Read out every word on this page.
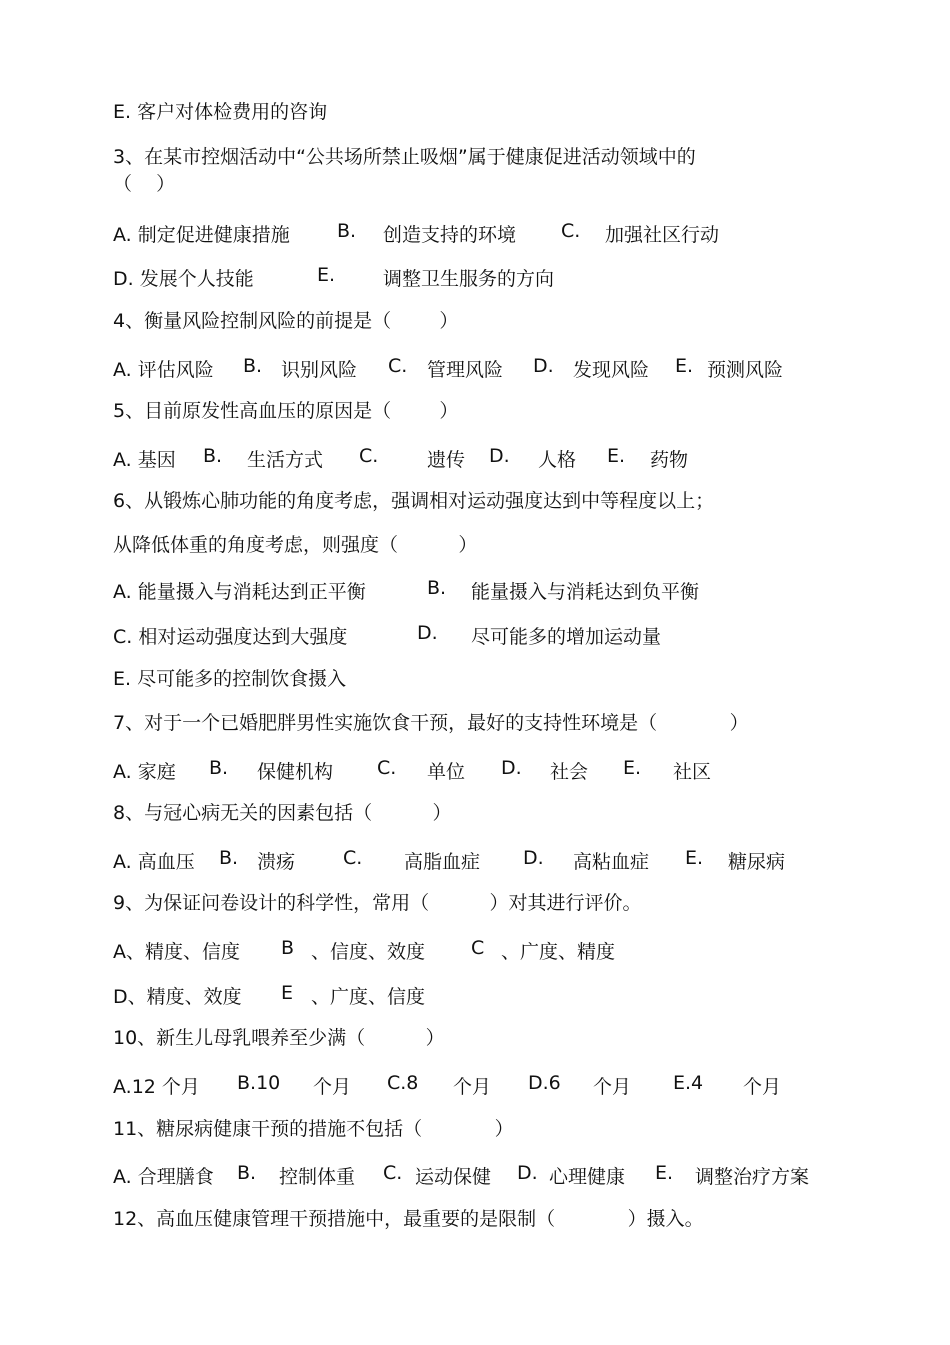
E. 客户对体检费用的咨询
3、在某市控烟活动中“公共场所禁止吸烟”属于健康促进活动领域中的
（    ）
A. 制定促进健康措施 B. 创造支持的环境 C. 加强社区行动
D. 发展个人技能	E.	调整卫生服务的方向
4、衡量风险控制风险的前提是（        ）
A. 评估风险 B. 识别风险 C. 管理风险 D. 发现风险 E. 预测风险
5、目前原发性高血压的原因是（        ）
A. 基因 B. 生活方式 C.	遗传 D. 人格 E. 药物
6、从锻炼心肺功能的角度考虑，强调相对运动强度达到中等程度以上；
从降低体重的角度考虑，则强度（          ）
A. 能量摄入与消耗达到正平衡	B. 能量摄入与消耗达到负平衡
C. 相对运动强度达到大强度	D. 尽可能多的增加运动量
E. 尽可能多的控制饮食摄入
7、对于一个已婚肥胖男性实施饮食干预，最好的支持性环境是（            ）
A. 家庭 B. 保健机构 C. 单位 D. 社会 E. 社区
8、与冠心病无关的因素包括（          ）
A. 高血压 B. 溃疡	C. 高脂血症 D. 高粘血症 E. 糖尿病
9、为保证问卷设计的科学性，常用（          ）对其进行评价。
A、精度、信度 B 、信度、效度 C 、广度、精度
D、精度、效度 E 、广度、信度
10、新生儿母乳喂养至少满（          ）
A.12 个月 B.10 个月 C.8 个月 D.6 个月 E.4 个月
11、糖尿病健康干预的措施不包括（            ）
A. 合理膳食 B. 控制体重 C. 运动保健 D. 心理健康 E. 调整治疗方案
12、高血压健康管理干预措施中，最重要的是限制（            ）摄入。
